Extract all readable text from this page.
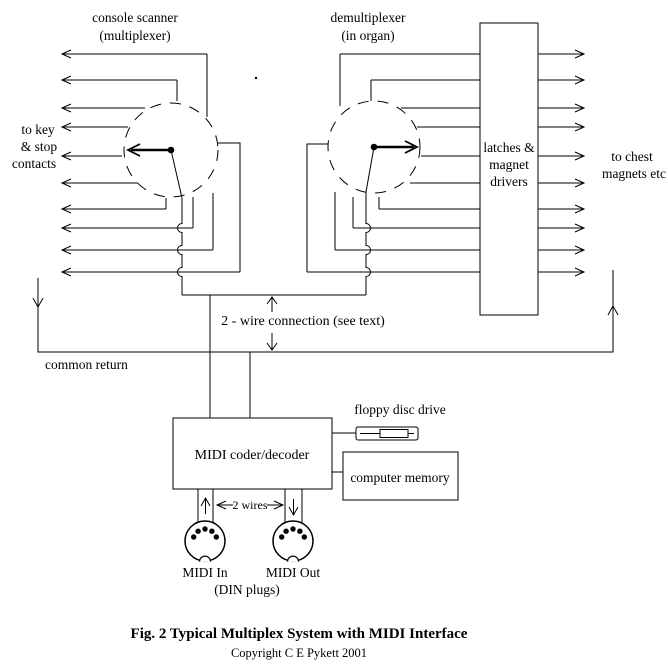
console scanner
(multiplexer)
demultiplexer
(in organ)
to key
& stop
contacts
latches &
magnet
drivers
to chest
magnets etc
2 - wire connection (see text)
common return
MIDI coder/decoder
floppy disc drive
computer memory
2 wires
MIDI In	MIDI Out
(DIN plugs)
Fig. 2 Typical Multiplex System with MIDI Interface
Copyright C E Pykett 2001
